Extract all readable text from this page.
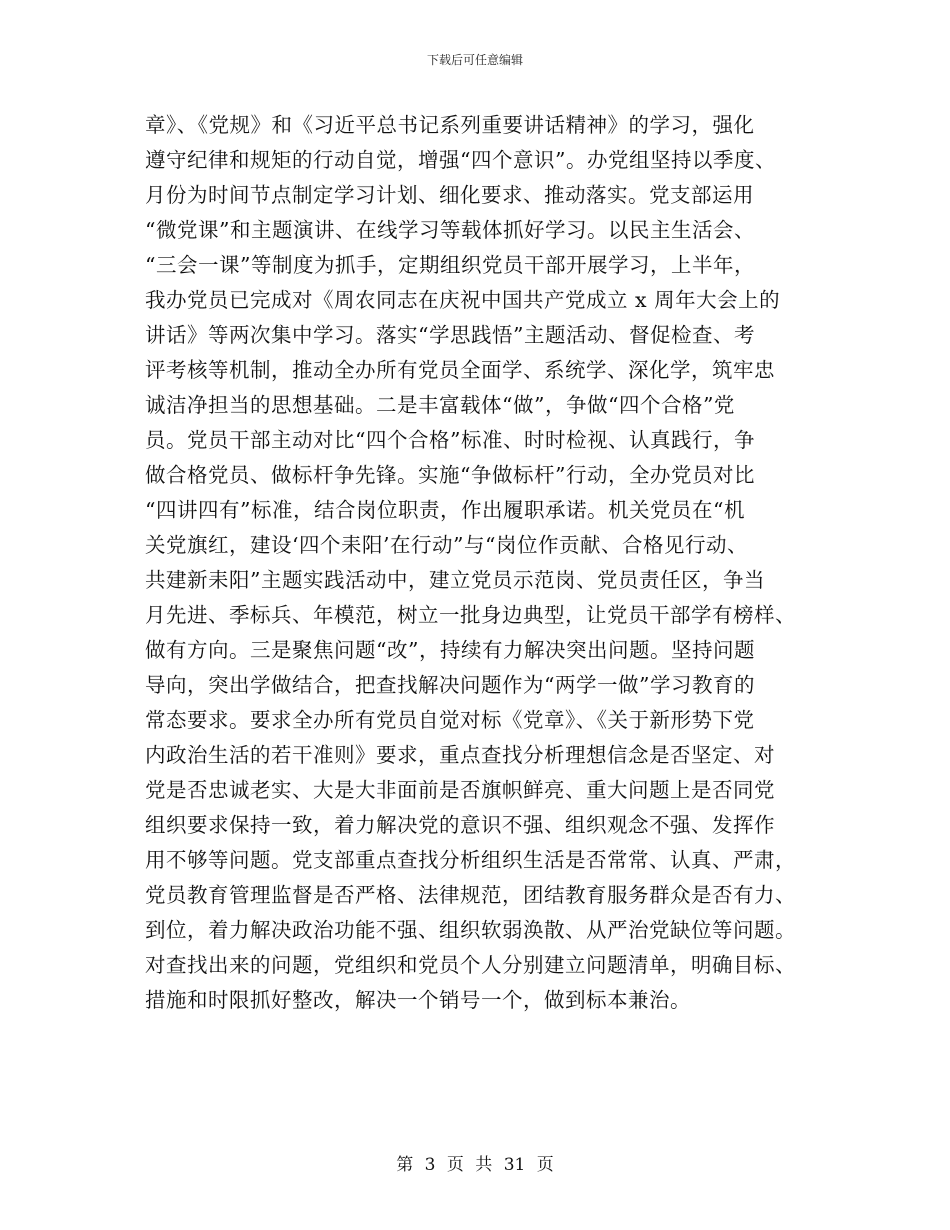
下载后可任意编辑
章》、《党规》和《习近平总书记系列重要讲话精神》的学习，强化
遵守纪律和规矩的行动自觉，增强“四个意识”。办党组坚持以季度、
月份为时间节点制定学习计划、细化要求、推动落实。党支部运用
“微党课”和主题演讲、在线学习等载体抓好学习。以民主生活会、
“三会一课”等制度为抓手，定期组织党员干部开展学习，上半年，
我办党员已完成对《周农同志在庆祝中国共产党成立 x 周年大会上的
讲话》等两次集中学习。落实“学思践悟”主题活动、督促检查、考
评考核等机制，推动全办所有党员全面学、系统学、深化学，筑牢忠
诚洁净担当的思想基础。二是丰富载体“做”，争做“四个合格”党
员。党员干部主动对比“四个合格”标准、时时检视、认真践行，争
做合格党员、做标杆争先锋。实施“争做标杆”行动，全办党员对比
“四讲四有”标准，结合岗位职责，作出履职承诺。机关党员在“机
关党旗红，建设‘四个耒阳’在行动”与“岗位作贡献、合格见行动、
共建新耒阳”主题实践活动中，建立党员示范岗、党员责任区，争当
月先进、季标兵、年模范，树立一批身边典型，让党员干部学有榜样、
做有方向。三是聚焦问题“改”，持续有力解决突出问题。坚持问题
导向，突出学做结合，把查找解决问题作为“两学一做”学习教育的
常态要求。要求全办所有党员自觉对标《党章》、《关于新形势下党
内政治生活的若干准则》要求，重点查找分析理想信念是否坚定、对
党是否忠诚老实、大是大非面前是否旗帜鲜亮、重大问题上是否同党
组织要求保持一致，着力解决党的意识不强、组织观念不强、发挥作
用不够等问题。党支部重点查找分析组织生活是否常常、认真、严肃，
党员教育管理监督是否严格、法律规范，团结教育服务群众是否有力、
到位，着力解决政治功能不强、组织软弱涣散、从严治党缺位等问题。
对查找出来的问题，党组织和党员个人分别建立问题清单，明确目标、
措施和时限抓好整改，解决一个销号一个，做到标本兼治。
第 3 页 共 31 页
